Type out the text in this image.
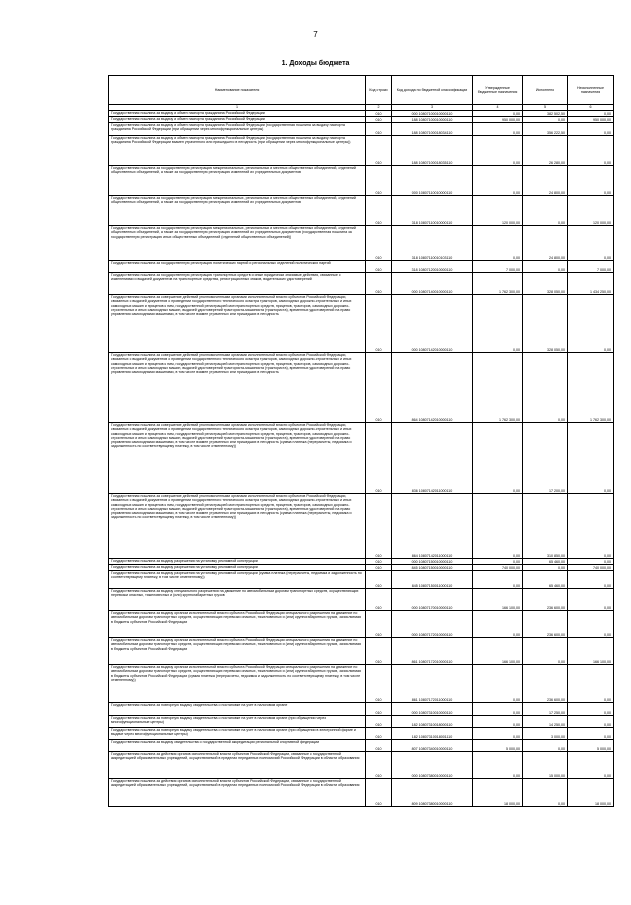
7
1. Доходы бюджета
Наименование показателя	Код строки	Код дохода по бюджетной классификации	Утвержденные бюджетные назначения	Исполнено	Неисполненные назначения
1	2	3	4	5	6
Государственная пошлина за выдачу и обмен паспорта гражданина Российской Федерации	010	000 10807100010000110	0,00	382 502,50	0,00
Государственная пошлина за выдачу и обмен паспорта гражданина Российской Федерации	010	188 10807100010000110	950 000,00	0,00	950 000,00
Государственная пошлина за выдачу и обмен паспорта гражданина Российской Федерации (государственная пошлина за выдачу паспорта гражданина Российской Федерации (при обращении через многофункциональные центры)	010	188 10807100018034110	0,00	356 222,50	0,00
Государственная пошлина за выдачу и обмен паспорта гражданина Российской Федерации (государственная пошлина за выдачу паспорта гражданина Российской Федерации взамен утраченного или пришедшего в негодность (при обращении через многофункциональные центры))	010	188 10807100018035110	0,00	26 280,00	0,00
Государственная пошлина за государственную регистрацию межрегиональных, региональных и местных общественных объединений, отделений общественных объединений, а также за государственную регистрацию изменений их учредительных документов	010	000 10807110010000110	0,00	24 800,00	0,00
Государственная пошлина за государственную регистрацию межрегиональных, региональных и местных общественных объединений, отделений общественных объединений, а также за государственную регистрацию изменений их учредительных документов	010	318 10807110010000110	120 000,00	0,00	120 000,00
Государственная пошлина за государственную регистрацию межрегиональных, региональных и местных общественных объединений, отделений общественных объединений, а также за государственную регистрацию изменений их учредительных документов (государственная пошлина за государственную регистрацию иных общественных объединений (отделений общественных объединений))	010	318 10807110010103110	0,00	24 800,00	0,00
Государственная пошлина за государственную регистрацию политических партий и региональных отделений политических партий	010	318 10807120010000110	7 000,00	0,00	7 000,00
Государственная пошлина за государственную регистрацию транспортных средств и иные юридически значимые действия, связанные с изменениями и выдачей документов на транспортные средства, регистрационных знаков, водительских удостоверений	010	000 10807140010000110	1 762 300,00	328 050,00	1 434 250,00
Государственная пошлина за совершение действий уполномоченными органами исполнительной власти субъектов Российской Федерации, связанных с выдачей документов о проведении государственного технического осмотра тракторов, самоходных дорожно-строительных и иных самоходных машин и прицепов к ним, государственной регистрацией мототранспортных средств, прицепов, тракторов, самоходных дорожно-строительных и иных самоходных машин, выдачей удостоверений тракториста-машиниста (тракториста), временных удостоверений на право управления самоходными машинами, в том числе взамен утраченных или пришедших в негодность	010	000 10807142010000110	0,00	328 050,00	0,00
Государственная пошлина за совершение действий уполномоченными органами исполнительной власти субъектов Российской Федерации, связанных с выдачей документов о проведении государственного технического осмотра тракторов, самоходных дорожно-строительных и иных самоходных машин и прицепов к ним, государственной регистрацией мототранспортных средств, прицепов, тракторов, самоходных дорожно-строительных и иных самоходных машин, выдачей удостоверений тракториста-машиниста (тракториста), временных удостоверений на право управления самоходными машинами, в том числе взамен утраченных или пришедших в негодность	010	864 10807142010000110	1 762 300,00	0,00	1 762 300,00
Государственная пошлина за совершение действий уполномоченными органами исполнительной власти субъектов Российской Федерации, связанных с выдачей документов о проведении государственного технического осмотра тракторов, самоходных дорожно-строительных и иных самоходных машин и прицепов к ним, государственной регистрацией мототранспортных средств, прицепов, тракторов, самоходных дорожно-строительных и иных самоходных машин, выдачей удостоверений тракториста-машиниста (тракториста), временных удостоверений на право управления самоходными машинами, в том числе взамен утраченных или пришедших в негодность (сумма платежа (перерасчеты, недоимка и задолженность по соответствующему платежу, в том числе отмененному))	010	836 10807142011000110	0,00	17 200,00	0,00
Государственная пошлина за совершение действий уполномоченными органами исполнительной власти субъектов Российской Федерации, связанных с выдачей документов о проведении государственного технического осмотра тракторов, самоходных дорожно-строительных и иных самоходных машин и прицепов к ним, государственной регистрацией мототранспортных средств, прицепов, тракторов, самоходных дорожно-строительных и иных самоходных машин, выдачей удостоверений тракториста-машиниста (тракториста), временных удостоверений на право управления самоходными машинами, в том числе взамен утраченных или пришедших в негодность (сумма платежа (перерасчеты, недоимка и задолженность по соответствующему платежу, в том числе отмененному))	010	864 10807142011000110	0,00	310 850,00	0,00
Государственная пошлина за выдачу разрешения на установку рекламной конструкции	010	000 10807150010000110	0,00	65 460,00	0,00
Государственная пошлина за выдачу разрешения на установку рекламной конструкции	010	845 10807150010000110	740 000,00	0,00	740 000,00
Государственная пошлина за выдачу разрешения на установку рекламной конструкции (сумма платежа (перерасчеты, недоимка и задолженность по соответствующему платежу, в том числе отмененному))	010	845 10807150011000110	0,00	65 460,00	0,00
Государственная пошлина за выдачу специального разрешения на движение по автомобильным дорогам транспортных средств, осуществляющих перевозки опасных, тяжеловесных и (или) крупногабаритных грузов	010	000 10807170010000110	166 100,00	236 600,00	0,00
Государственная пошлина за выдачу органом исполнительной власти субъекта Российской Федерации специального разрешения на движение по автомобильным дорогам транспортных средств, осуществляющих перевозки опасных, тяжеловесных и (или) крупногабаритных грузов, зачисляемая в бюджеты субъектов Российской Федерации	010	000 10807172010000110	0,00	236 600,00	0,00
Государственная пошлина за выдачу органом исполнительной власти субъекта Российской Федерации специального разрешения на движение по автомобильным дорогам транспортных средств, осуществляющих перевозки опасных, тяжеловесных и (или) крупногабаритных грузов, зачисляемая в бюджеты субъектов Российской Федерации	010	861 10807172010000110	166 100,00	0,00	166 100,00
Государственная пошлина за выдачу органом исполнительной власти субъекта Российской Федерации специального разрешения на движение по автомобильным дорогам транспортных средств, осуществляющих перевозки опасных, тяжеловесных и (или) крупногабаритных грузов, зачисляемая в бюджеты субъектов Российской Федерации (сумма платежа (перерасчеты, недоимка и задолженность по соответствующему платежу, в том числе отмененному))	010	861 10807172011000110	0,00	236 600,00	0,00
Государственная пошлина за повторную выдачу свидетельства о постановке на учет в налоговом органе	010	000 10807310010000110	0,00	17 250,00	0,00
Государственная пошлина за повторную выдачу свидетельства о постановке на учет в налоговом органе (при обращении через многофункциональные центры)	010	182 10807310018000110	0,00	14 250,00	0,00
Государственная пошлина за повторную выдачу свидетельства о постановке на учет в налоговом органе (при обращении в электронной форме и выдаче через многофункциональные центры)	010	182 10807310018001110	0,00	3 000,00	0,00
Государственная пошлина за выдачу свидетельства о государственной аккредитации региональной спортивной федерации	010	807 10807340010000110	5 000,00	0,00	5 000,00
Государственная пошлина за действия органов исполнительной власти субъектов Российской Федерации, связанные с государственной аккредитацией образовательных учреждений, осуществляемой в пределах переданных полномочий Российской Федерации в области образования	010	000 10807380010000110	0,00	15 000,00	0,00
Государственная пошлина за действия органов исполнительной власти субъектов Российской Федерации, связанные с государственной аккредитацией образовательных учреждений, осуществляемой в пределах переданных полномочий Российской Федерации в области образования	010	809 10807380010000110	18 000,00	0,00	18 000,00
